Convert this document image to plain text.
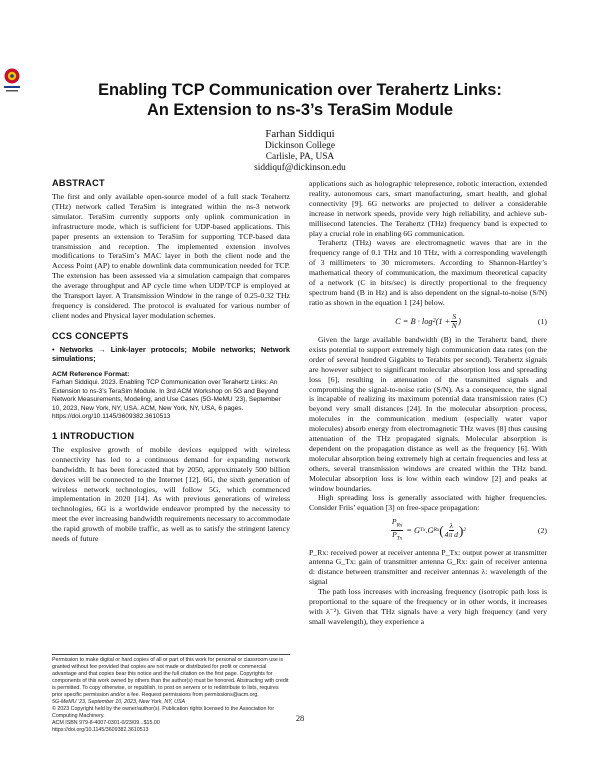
Enabling TCP Communication over Terahertz Links:
An Extension to ns-3’s TeraSim Module
Farhan Siddiqui
Dickinson College
Carlisle, PA, USA
siddiquf@dickinson.edu
ABSTRACT

The first and only available open-source model of a full stack Terahertz (THz) network called TeraSim is integrated within the ns-3 network simulator. TeraSim currently supports only uplink communication in infrastructure mode, which is sufficient for UDP-based applications. This paper presents an extension to TeraSim for supporting TCP-based data transmission and reception. The implemented extension involves modifications to TeraSim’s MAC layer in both the client node and the Access Point (AP) to enable downlink data communication needed for TCP. The extension has been assessed via a simulation campaign that compares the average throughput and AP cycle time when UDP/TCP is employed at the Transport layer. A Transmission Window in the range of 0.25-0.32 THz frequency is considered. The protocol is evaluated for various number of client nodes and Physical layer modulation schemes.

CCS CONCEPTS
• Networks → Link-layer protocols; Mobile networks; Network simulations;
ACM Reference Format:
Farhan Siddiqui. 2023. Enabling TCP Communication over Terahertz Links: An Extension to ns-3’s TeraSim Module. In 3rd ACM Workshop on 5G and Beyond Network Measurements, Modeling, and Use Cases (5G-MeMU ’23), September 10, 2023, New York, NY, USA. ACM, New York, NY, USA, 6 pages. https://doi.org/10.1145/3609382.3610513
1 INTRODUCTION

The explosive growth of mobile devices equipped with wireless connectivity has led to a continuous demand for expanding network bandwidth. It has been forecasted that by 2050, approximately 500 billion devices will be connected to the Internet [12]. 6G, the sixth generation of wireless network technologies, will follow 5G, which commenced implementation in 2020 [14]. As with previous generations of wireless technologies, 6G is a worldwide endeavor prompted by the necessity to meet the ever increasing bandwidth requirements necessary to accommodate the rapid growth of mobile traffic, as well as to satisfy the stringent latency needs of future

Permission to make digital or hard copies of all or part of this work for personal or classroom use is granted without fee provided that copies are not made or distributed for profit or commercial advantage and that copies bear this notice and the full citation on the first page. Copyrights for components of this work owned by others than the author(s) must be honored. Abstracting with credit is permitted. To copy otherwise, or republish, to post on servers or to redistribute to lists, requires prior specific permission and/or a fee. Request permissions from permissions@acm.org.
5G-MeMU ’23, September 10, 2023, New York, NY, USA
© 2023 Copyright held by the owner/author(s). Publication rights licensed to the Association for Computing Machinery.
ACM ISBN 979-8-4007-0301-0/23/09...$15.00
https://doi.org/10.1145/3609382.3610513

applications such as holographic telepresence, robotic interaction, extended reality, autonomous cars, smart manufacturing, smart health, and global connectivity [9]. 6G networks are projected to deliver a considerable increase in network speeds, provide very high reliability, and achieve sub-millisecond latencies. The Terahertz (THz) frequency band is expected to play a crucial role in enabling 6G communication.

Terahertz (THz) waves are electromagnetic waves that are in the frequency range of 0.1 THz and 10 THz, with a corresponding wavelength of 3 millimeters to 30 micrometers. According to Shannon-Hartley’s mathematical theory of communication, the maximum theoretical capacity of a network (C in bits/sec) is directly proportional to the frequency spectrum band (B in Hz) and is also dependent on the signal-to-noise (S/N) ratio as shown in the equation 1 [24] below.

C = B · log 2 ($1 + \frac{S}{N}$ )	(1)

Given the large available bandwidth (B) in the Terahertz band, there exists potential to support extremely high communication data rates (on the order of several hundred Gigabits to Terabits per second). Terahertz signals are however subject to significant molecular absorption loss and spreading loss [6], resulting in attenuation of the transmitted signals and compromising the signal-to-noise ratio (S/N). As a consequence, the signal is incapable of realizing its maximum potential data transmission rates (C) beyond very small distances [24]. In the molecular absorption process, molecules in the communication medium (especially water vapor molecules) absorb energy from electromagnetic THz waves [8] thus causing attenuation of the THz propagated signals. Molecular absorption is dependent on the propagation distance as well as the frequency [6]. With molecular absorption being extremely high at certain frequencies and less at others, several transmission windows are created within the THz band. Molecular absorption loss is low within each window [2] and peaks at window boundaries.

High spreading loss is generally associated with higher frequencies. Consider Friis’ equation [3] on free-space propagation:

$\frac{P_{Rx}}{P_{Tx}} = G$ Tx .G Rx ( $\frac{\lambda}{\text{4π d}}$ ) 2	(2)

P_Rx: received power at receiver antenna P_Tx: output power at transmitter antenna G_Tx: gain of transmitter antenna G_Rx: gain of receiver antenna d: distance between transmitter and receiver antennas λ: wavelength of the signal

The path loss increases with increasing frequency (isotropic path loss is proportional to the square of the frequency or in other words, it increases with λ⁻²). Given that THz signals have a very high frequency (and very small wavelength), they experience a

28
